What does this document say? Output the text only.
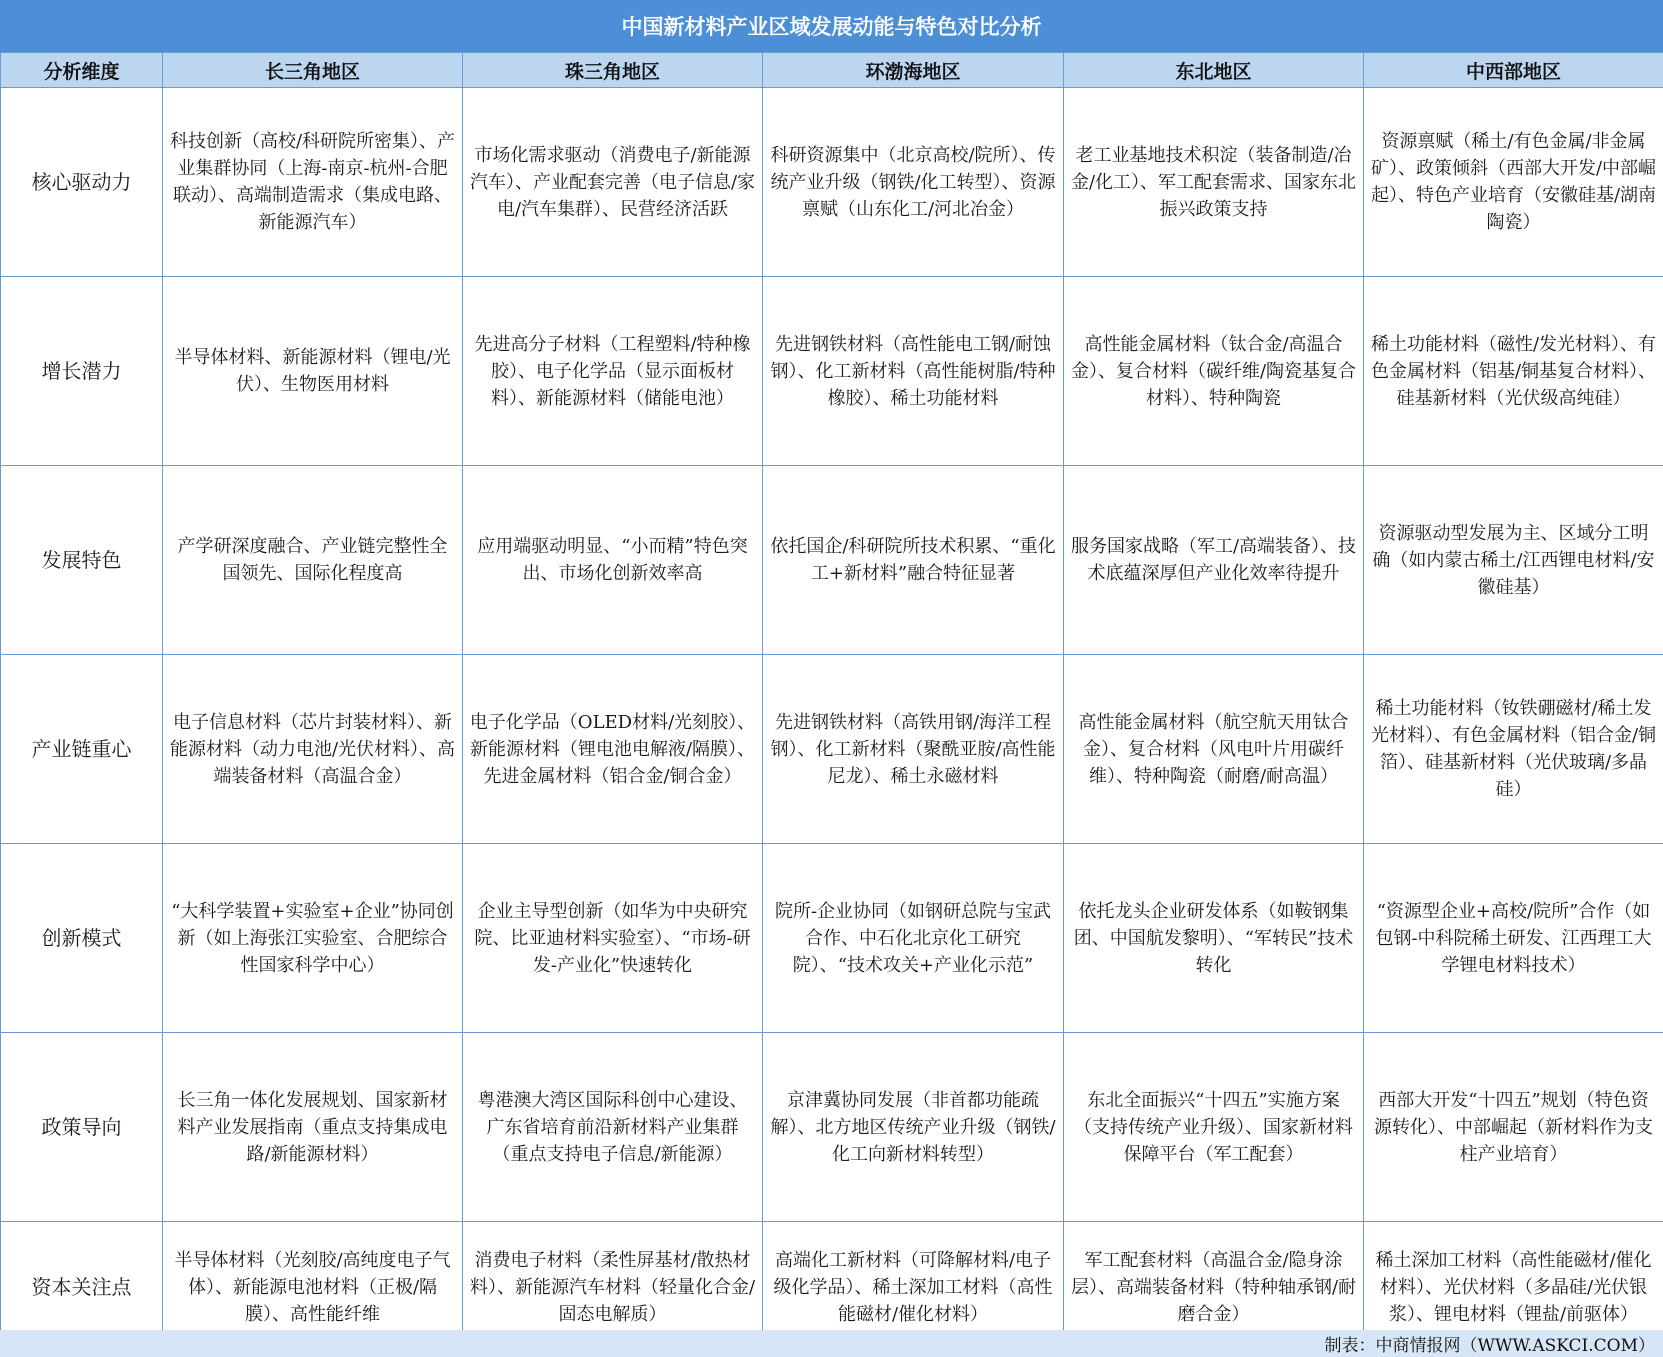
中国新材料产业区域发展动能与特色对比分析
分析维度	长三角地区	珠三角地区	环渤海地区	东北地区	中西部地区
核心驱动力	科技创新（高校/科研院所密集）、产业集群协同（上海-南京-杭州-合肥联动）、高端制造需求（集成电路、新能源汽车）	市场化需求驱动（消费电子/新能源汽车）、产业配套完善（电子信息/家电/汽车集群）、民营经济活跃	科研资源集中（北京高校/院所）、传统产业升级（钢铁/化工转型）、资源禀赋（山东化工/河北冶金）	老工业基地技术积淀（装备制造/冶金/化工）、军工配套需求、国家东北振兴政策支持	资源禀赋（稀土/有色金属/非金属矿）、政策倾斜（西部大开发/中部崛起）、特色产业培育（安徽硅基/湖南陶瓷）
增长潜力	半导体材料、新能源材料（锂电/光伏）、生物医用材料	先进高分子材料（工程塑料/特种橡胶）、电子化学品（显示面板材料）、新能源材料（储能电池）	先进钢铁材料（高性能电工钢/耐蚀钢）、化工新材料（高性能树脂/特种橡胶）、稀土功能材料	高性能金属材料（钛合金/高温合金）、复合材料（碳纤维/陶瓷基复合材料）、特种陶瓷	稀土功能材料（磁性/发光材料）、有色金属材料（铝基/铜基复合材料）、硅基新材料（光伏级高纯硅）
发展特色	产学研深度融合、产业链完整性全国领先、国际化程度高	应用端驱动明显、“小而精”特色突出、市场化创新效率高	依托国企/科研院所技术积累、“重化工+新材料”融合特征显著	服务国家战略（军工/高端装备）、技术底蕴深厚但产业化效率待提升	资源驱动型发展为主、区域分工明确（如内蒙古稀土/江西锂电材料/安徽硅基）
产业链重心	电子信息材料（芯片封装材料）、新能源材料（动力电池/光伏材料）、高端装备材料（高温合金）	电子化学品（OLED材料/光刻胶）、新能源材料（锂电池电解液/隔膜）、先进金属材料（铝合金/铜合金）	先进钢铁材料（高铁用钢/海洋工程钢）、化工新材料（聚酰亚胺/高性能尼龙）、稀土永磁材料	高性能金属材料（航空航天用钛合金）、复合材料（风电叶片用碳纤维）、特种陶瓷（耐磨/耐高温）	稀土功能材料（钕铁硼磁材/稀土发光材料）、有色金属材料（铝合金/铜箔）、硅基新材料（光伏玻璃/多晶硅）
创新模式	“大科学装置+实验室+企业”协同创新（如上海张江实验室、合肥综合性国家科学中心）	企业主导型创新（如华为中央研究院、比亚迪材料实验室）、“市场-研发-产业化”快速转化	院所-企业协同（如钢研总院与宝武合作、中石化北京化工研究院）、“技术攻关+产业化示范”	依托龙头企业研发体系（如鞍钢集团、中国航发黎明）、“军转民”技术转化	“资源型企业+高校/院所”合作（如包钢-中科院稀土研发、江西理工大学锂电材料技术）
政策导向	长三角一体化发展规划、国家新材料产业发展指南（重点支持集成电路/新能源材料）	粤港澳大湾区国际科创中心建设、广东省培育前沿新材料产业集群（重点支持电子信息/新能源）	京津冀协同发展（非首都功能疏解）、北方地区传统产业升级（钢铁/化工向新材料转型）	东北全面振兴“十四五”实施方案（支持传统产业升级）、国家新材料保障平台（军工配套）	西部大开发“十四五”规划（特色资源转化）、中部崛起（新材料作为支柱产业培育）
资本关注点	半导体材料（光刻胶/高纯度电子气体）、新能源电池材料（正极/隔膜）、高性能纤维	消费电子材料（柔性屏基材/散热材料）、新能源汽车材料（轻量化合金/固态电解质）	高端化工新材料（可降解材料/电子级化学品）、稀土深加工材料（高性能磁材/催化材料）	军工配套材料（高温合金/隐身涂层）、高端装备材料（特种轴承钢/耐磨合金）	稀土深加工材料（高性能磁材/催化材料）、光伏材料（多晶硅/光伏银浆）、锂电材料（锂盐/前驱体）
制表：中商情报网（WWW.ASKCI.COM）
